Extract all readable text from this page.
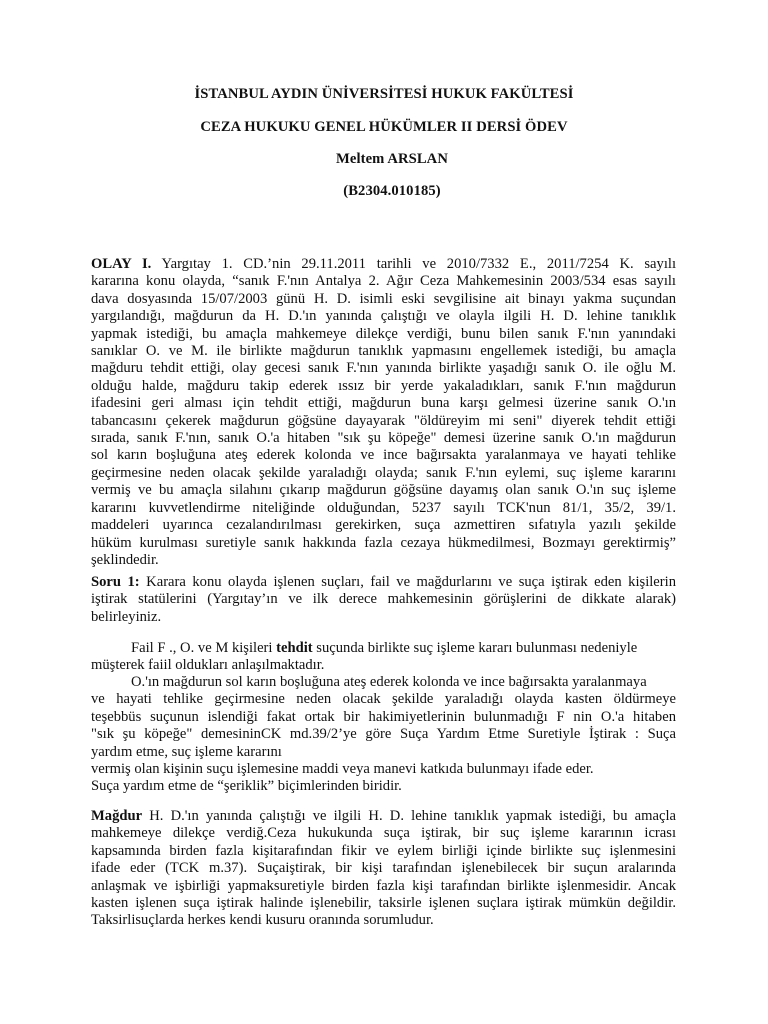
İSTANBUL AYDIN ÜNİVERSİTESİ HUKUK FAKÜLTESİ
CEZA HUKUKU GENEL HÜKÜMLER II DERSİ ÖDEV
Meltem ARSLAN
(B2304.010185)
OLAY I. Yargıtay 1. CD.’nin 29.11.2011 tarihli ve 2010/7332 E., 2011/7254 K. sayılı
kararına konu olayda, “sanık F.'nın Antalya 2. Ağır Ceza Mahkemesinin 2003/534 esas sayılı
dava dosyasında 15/07/2003 günü H. D. isimli eski sevgilisine ait binayı yakma suçundan
yargılandığı, mağdurun da H. D.'ın yanında çalıştığı ve olayla ilgili H. D. lehine tanıklık
yapmak istediği, bu amaçla mahkemeye dilekçe verdiği, bunu bilen sanık F.'nın yanındaki
sanıklar O. ve M. ile birlikte mağdurun tanıklık yapmasını engellemek istediği, bu amaçla
mağduru tehdit ettiği, olay gecesi sanık F.'nın yanında birlikte yaşadığı sanık O. ile oğlu M.
olduğu halde, mağduru takip ederek ıssız bir yerde yakaladıkları, sanık F.'nın mağdurun
ifadesini geri alması için tehdit ettiği, mağdurun buna karşı gelmesi üzerine sanık O.'ın
tabancasını çekerek mağdurun göğsüne dayayarak "öldüreyim mi seni" diyerek tehdit ettiği
sırada, sanık F.'nın, sanık O.'a hitaben "sık şu köpeğe" demesi üzerine sanık O.'ın mağdurun
sol karın boşluğuna ateş ederek kolonda ve ince bağırsakta yaralanmaya ve hayati tehlike
geçirmesine neden olacak şekilde yaraladığı olayda; sanık F.'nın eylemi, suç işleme kararını
vermiş ve bu amaçla silahını çıkarıp mağdurun göğsüne dayamış olan sanık O.'ın suç işleme
kararını kuvvetlendirme niteliğinde olduğundan, 5237 sayılı TCK'nun 81/1, 35/2, 39/1.
maddeleri uyarınca cezalandırılması gerekirken, suça azmettiren sıfatıyla yazılı şekilde
hüküm kurulması suretiyle sanık hakkında fazla cezaya hükmedilmesi, Bozmayı gerektirmiş”
şeklindedir.
Soru 1: Karara konu olayda işlenen suçları, fail ve mağdurlarını ve suça iştirak eden kişilerin
iştirak statülerini (Yargıtay’ın ve ilk derece mahkemesinin görüşlerini de dikkate alarak)
belirleyiniz.
Fail F ., O. ve M kişileri tehdit suçunda birlikte suç işleme kararı bulunması nedeniyle
müşterek faiil oldukları anlaşılmaktadır.
O.'ın mağdurun sol karın boşluğuna ateş ederek kolonda ve ince bağırsakta yaralanmaya
ve hayati tehlike geçirmesine neden olacak şekilde yaraladığı olayda kasten öldürmeye
teşebbüs suçunun islendiği fakat ortak bir hakimiyetlerinin bulunmadığı F nin O.'a hitaben
"sık şu köpeğe" demesininCK md.39/2’ye göre Suça Yardım Etme Suretiyle İştirak : Suça
yardım etme, suç işleme kararını
vermiş olan kişinin suçu işlemesine maddi veya manevi katkıda bulunmayı ifade eder.
Suça yardım etme de “şeriklik” biçimlerinden biridir.
Mağdur H. D.'ın yanında çalıştığı ve ilgili H. D. lehine tanıklık yapmak istediği, bu amaçla
mahkemeye dilekçe verdiğ.Ceza hukukunda suça iştirak, bir suç işleme kararının icrası
kapsamında birden fazla kişitarafından fikir ve eylem birliği içinde birlikte suç işlenmesini
ifade eder (TCK m.37). Suçaiştirak, bir kişi tarafından işlenebilecek bir suçun aralarında
anlaşmak ve işbirliği yapmaksuretiyle birden fazla kişi tarafından birlikte işlenmesidir. Ancak
kasten işlenen suça iştirak halinde işlenebilir, taksirle işlenen suçlara iştirak mümkün değildir.
Taksirlisuçlarda herkes kendi kusuru oranında sorumludur.
